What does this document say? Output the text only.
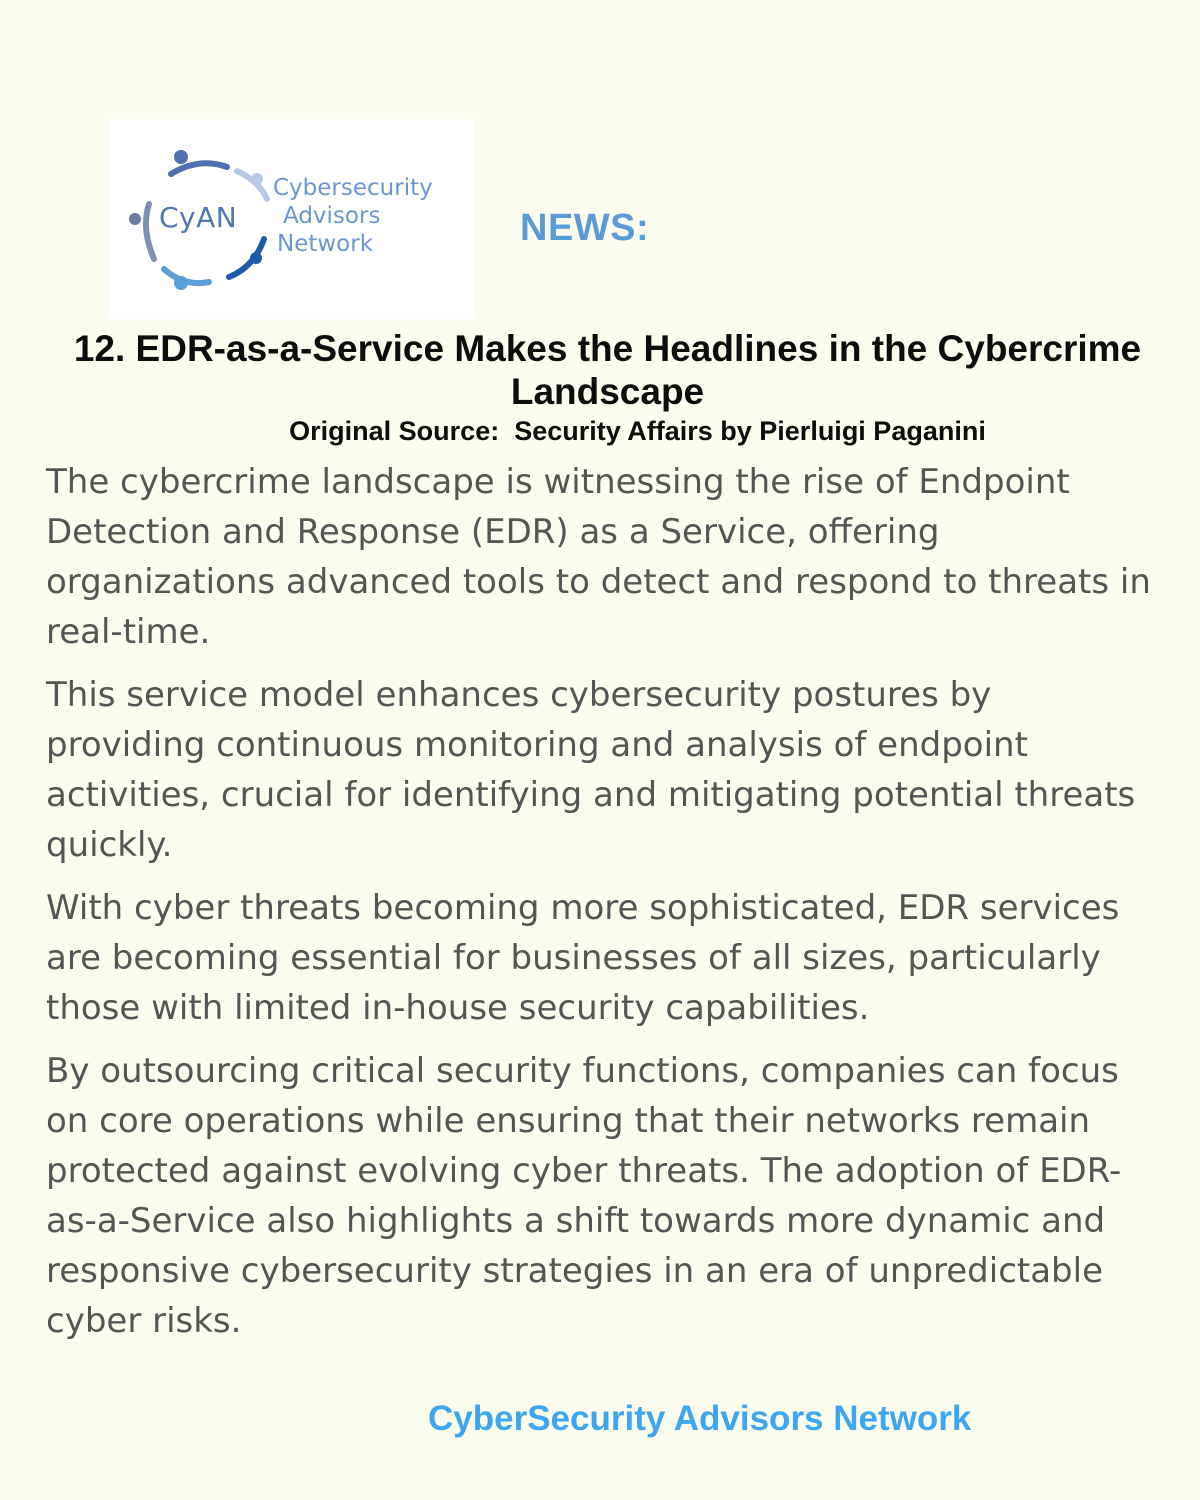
CyAN
Cybersecurity
Advisors
Network	NEWS:
12. EDR-as-a-Service Makes the Headlines in the Cybercrime Landscape
Original Source:  Security Affairs by Pierluigi Paganini

The cybercrime landscape is witnessing the rise of Endpoint Detection and Response (EDR) as a Service, offering organizations advanced tools to detect and respond to threats in real-time.

This service model enhances cybersecurity postures by providing continuous monitoring and analysis of endpoint activities, crucial for identifying and mitigating potential threats quickly.

With cyber threats becoming more sophisticated, EDR services are becoming essential for businesses of all sizes, particularly those with limited in-house security capabilities.

By outsourcing critical security functions, companies can focus on core operations while ensuring that their networks remain protected against evolving cyber threats. The adoption of EDR-as-a-Service also highlights a shift towards more dynamic and responsive cybersecurity strategies in an era of unpredictable cyber risks.

CyberSecurity Advisors Network
